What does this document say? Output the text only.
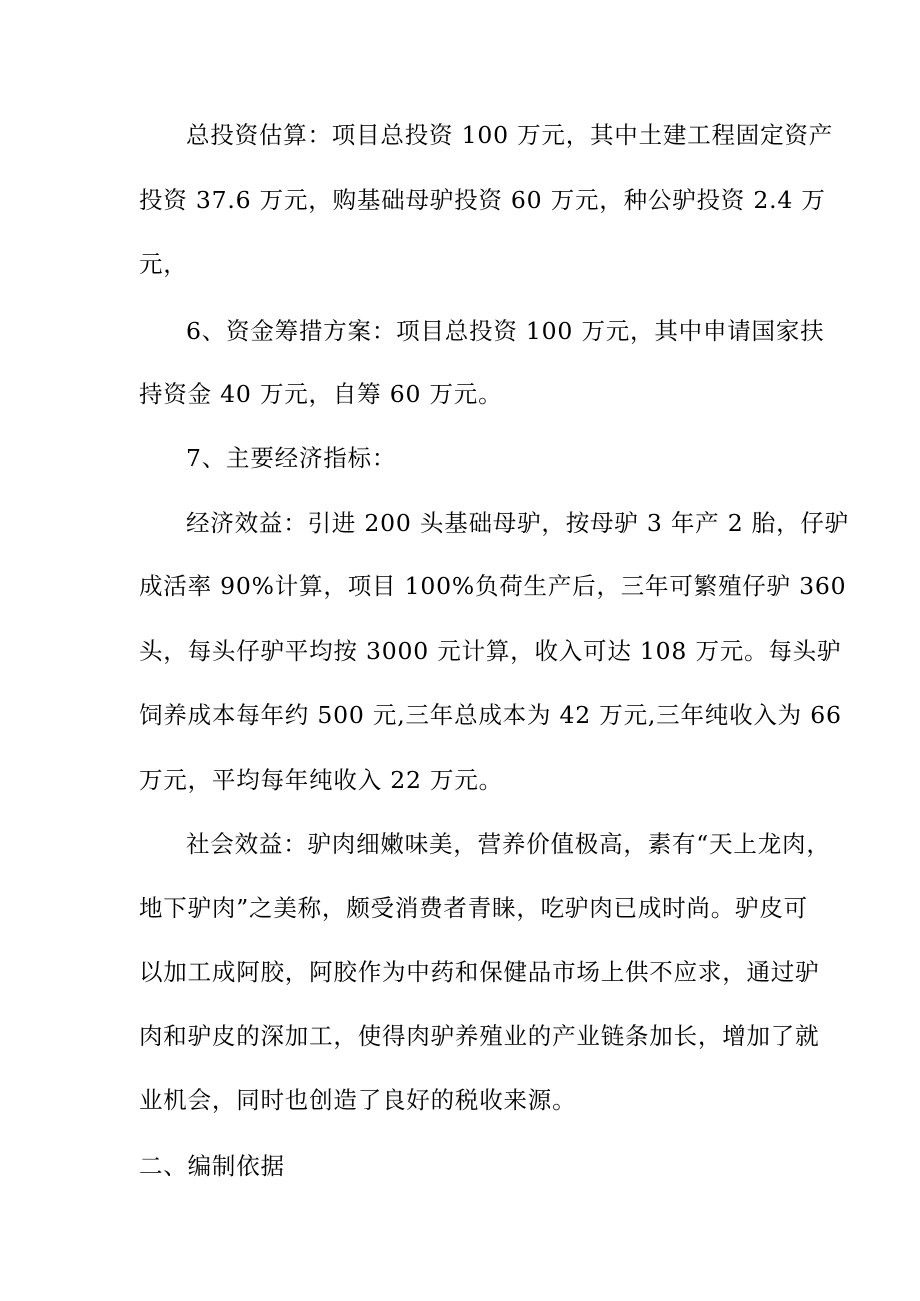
总投资估算：项目总投资 100 万元，其中土建工程固定资产
投资 37.6 万元，购基础母驴投资 60 万元，种公驴投资 2.4 万
元，
6、资金筹措方案：项目总投资 100 万元，其中申请国家扶
持资金 40 万元，自筹 60 万元。
7、主要经济指标：
经济效益：引进 200 头基础母驴，按母驴 3 年产 2 胎，仔驴
成活率 90%计算，项目 100%负荷生产后，三年可繁殖仔驴 360
头，每头仔驴平均按 3000 元计算，收入可达 108 万元。每头驴
饲养成本每年约 500 元,三年总成本为 42 万元,三年纯收入为 66
万元，平均每年纯收入 22 万元。
社会效益：驴肉细嫩味美，营养价值极高，素有“天上龙肉，
地下驴肉”之美称，颇受消费者青睐，吃驴肉已成时尚。驴皮可
以加工成阿胶，阿胶作为中药和保健品市场上供不应求，通过驴
肉和驴皮的深加工，使得肉驴养殖业的产业链条加长，增加了就
业机会，同时也创造了良好的税收来源。
二、编制依据
